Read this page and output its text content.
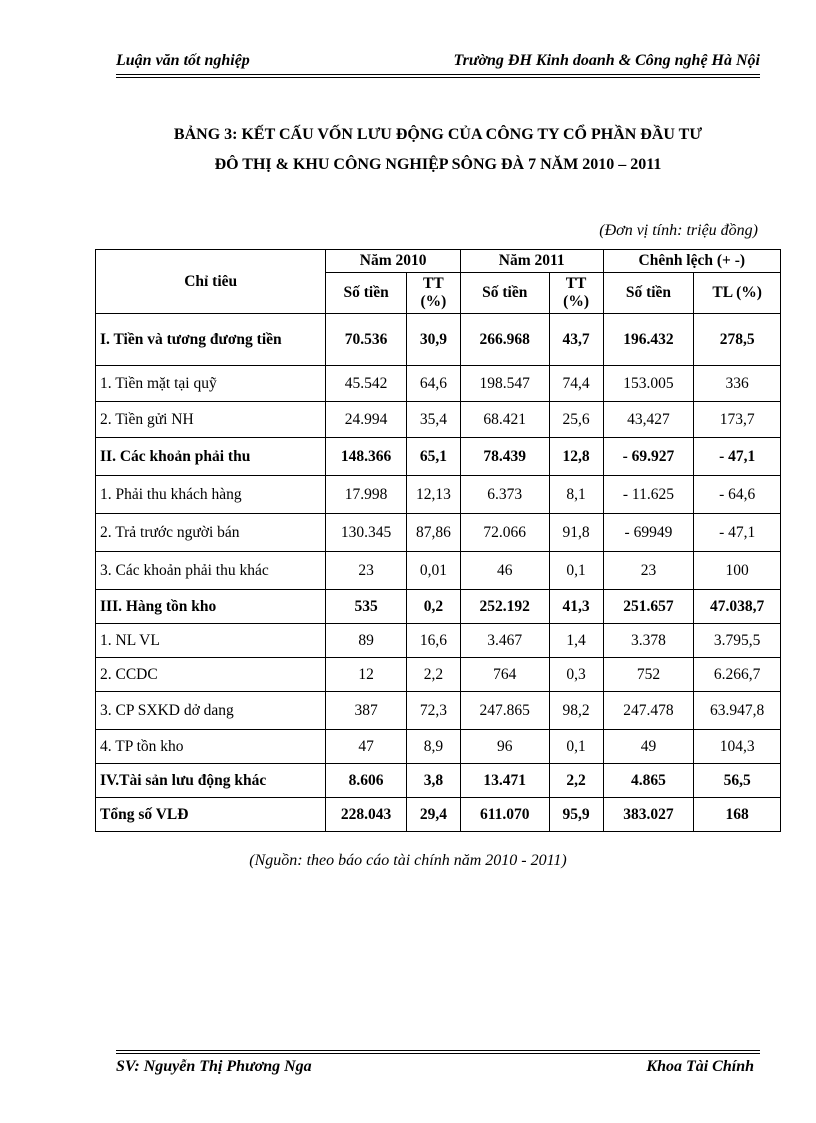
Luận văn tốt nghiệp	Trường ĐH Kinh doanh & Công nghệ Hà Nội
BẢNG 3: KẾT CẤU VỐN LƯU ĐỘNG CỦA CÔNG TY CỔ PHẦN ĐẦU TƯ
ĐÔ THỊ & KHU CÔNG NGHIỆP SÔNG ĐÀ 7 NĂM 2010 – 2011
(Đơn vị tính: triệu đồng)
Chỉ tiêu	Năm 2010		Năm 2011		Chênh lệch (+ -)	
	Số tiền	TT (%)	Số tiền	TT (%)	Số tiền	TL (%)
I. Tiền và tương đương tiền	70.536	30,9	266.968	43,7	196.432	278,5
1. Tiền mặt tại quỹ	45.542	64,6	198.547	74,4	153.005	336
2. Tiền gửi NH	24.994	35,4	68.421	25,6	43,427	173,7
II. Các khoản phải thu	148.366	65,1	78.439	12,8	- 69.927	- 47,1
1. Phải thu khách hàng	17.998	12,13	6.373	8,1	- 11.625	- 64,6
2. Trả trước người bán	130.345	87,86	72.066	91,8	- 69949	- 47,1
3. Các khoản phải thu khác	23	0,01	46	0,1	23	100
III. Hàng tồn kho	535	0,2	252.192	41,3	251.657	47.038,7
1. NL VL	89	16,6	3.467	1,4	3.378	3.795,5
2. CCDC	12	2,2	764	0,3	752	6.266,7
3. CP SXKD dở dang	387	72,3	247.865	98,2	247.478	63.947,8
4. TP tồn kho	47	8,9	96	0,1	49	104,3
IV.Tài sản lưu động khác	8.606	3,8	13.471	2,2	4.865	56,5
Tổng số VLĐ	228.043	29,4	611.070	95,9	383.027	168
(Nguồn: theo báo cáo tài chính năm 2010 - 2011)
SV: Nguyễn Thị Phương Nga	Khoa Tài Chính
